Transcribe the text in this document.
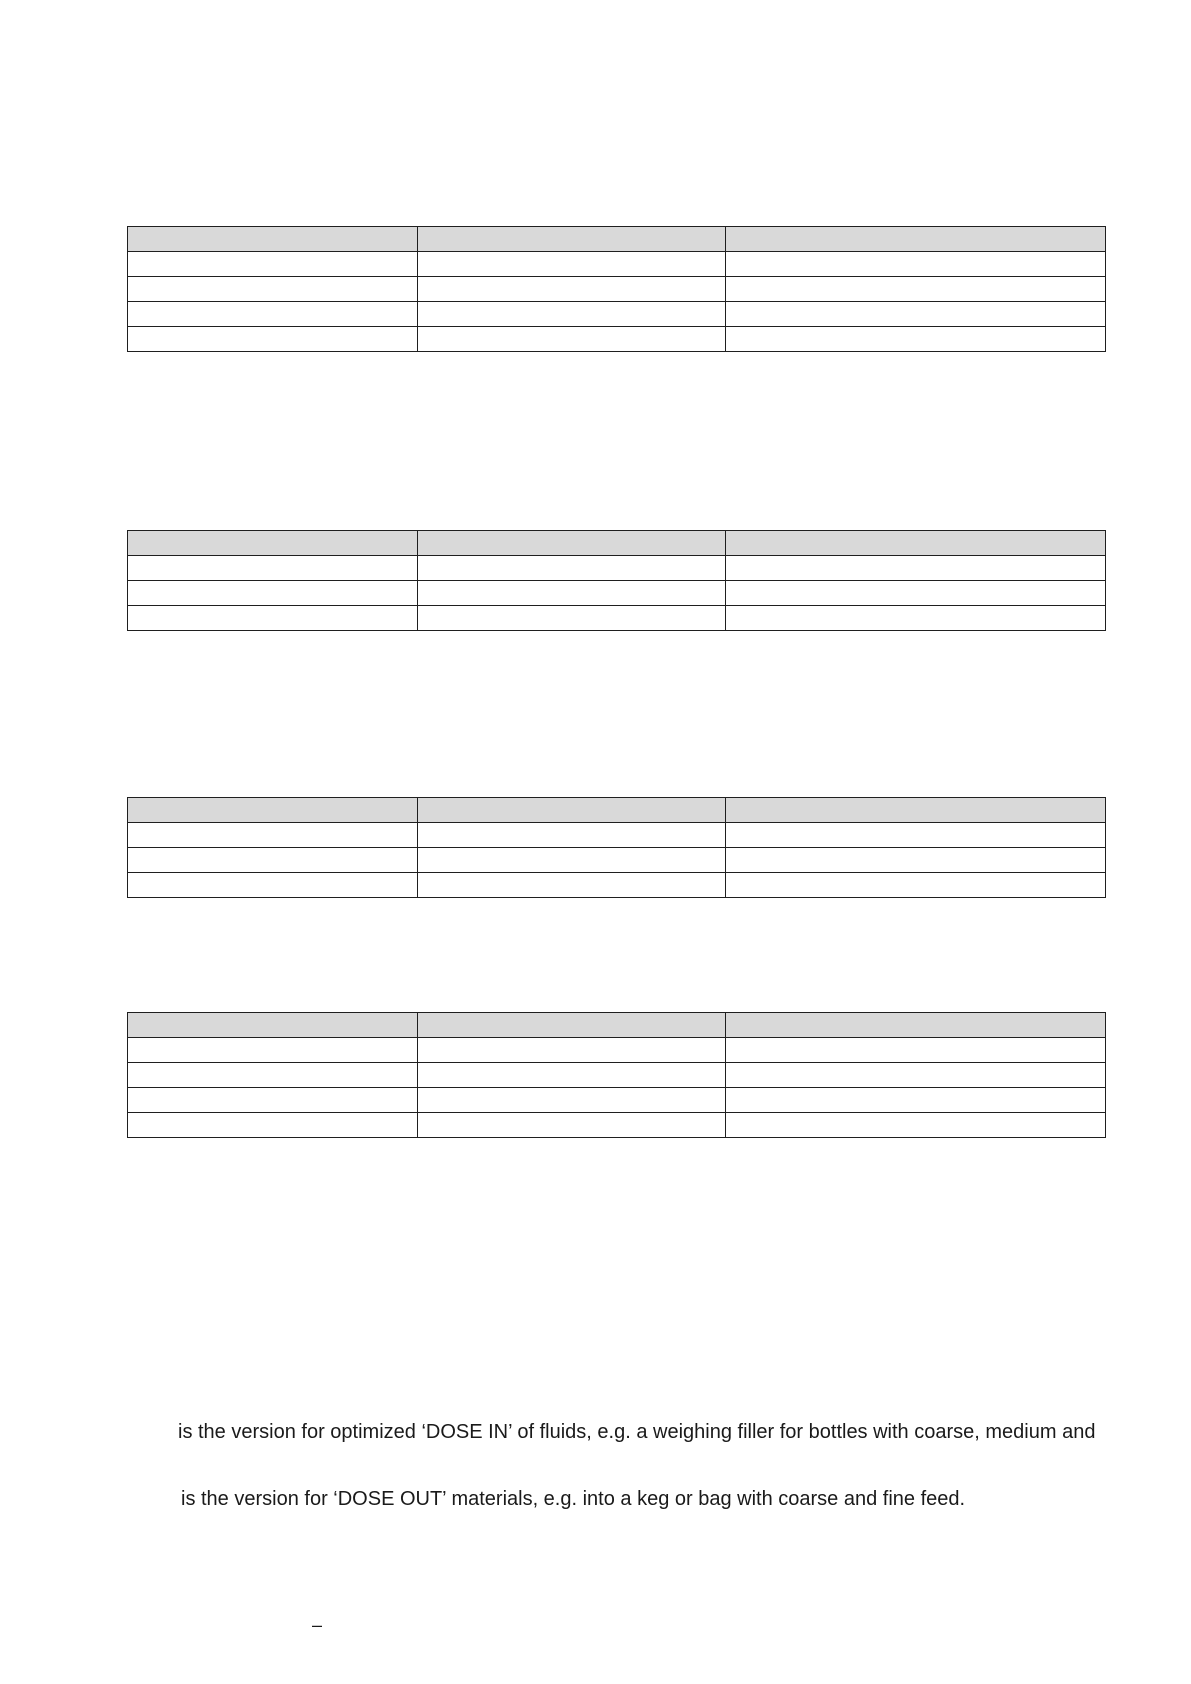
is the version for optimized ‘DOSE IN’ of fluids, e.g. a weighing filler for bottles with coarse, medium and
is the version for ‘DOSE OUT’ materials, e.g. into a keg or bag with coarse and fine feed.
–
